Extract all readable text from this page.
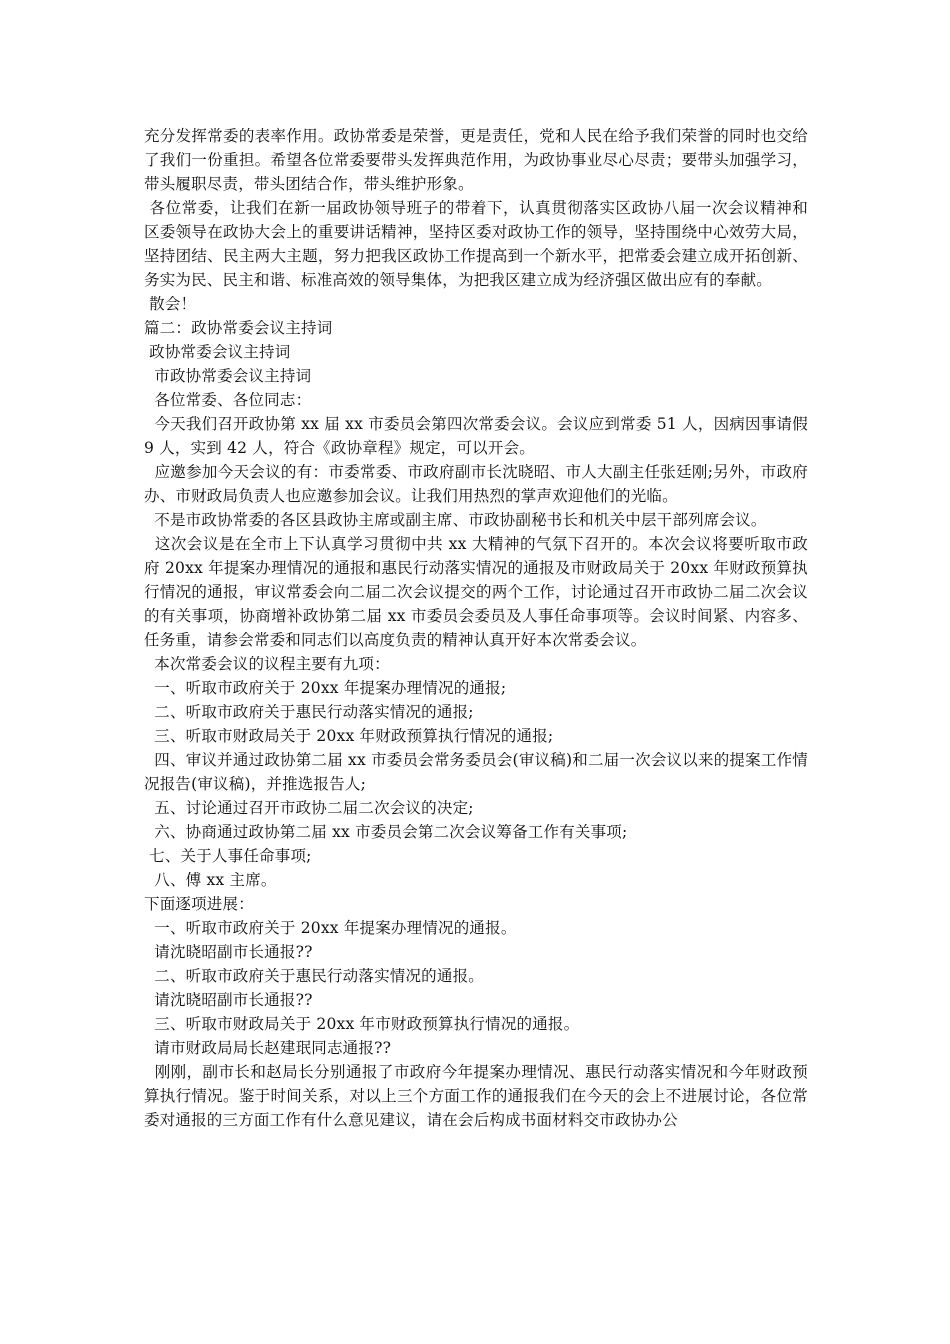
充分发挥常委的表率作用。政协常委是荣誉，更是责任，党和人民在给予我们荣誉的同时也交给了我们一份重担。希望各位常委要带头发挥典范作用，为政协事业尽心尽责；要带头加强学习，带头履职尽责，带头团结合作，带头维护形象。

各位常委，让我们在新一届政协领导班子的带着下，认真贯彻落实区政协八届一次会议精神和区委领导在政协大会上的重要讲话精神，坚持区委对政协工作的领导，坚持围绕中心效劳大局，坚持团结、民主两大主题，努力把我区政协工作提高到一个新水平，把常委会建立成开拓创新、务实为民、民主和谐、标准高效的领导集体，为把我区建立成为经济强区做出应有的奉献。

散会！

篇二：政协常委会议主持词

政协常委会议主持词

市政协常委会议主持词

各位常委、各位同志：

今天我们召开政协第 xx 届 xx 市委员会第四次常委会议。会议应到常委 51 人，因病因事请假 9 人，实到 42 人，符合《政协章程》规定，可以开会。

应邀参加今天会议的有：市委常委、市政府副市长沈晓昭、市人大副主任张廷刚;另外，市政府办、市财政局负责人也应邀参加会议。让我们用热烈的掌声欢迎他们的光临。

不是市政协常委的各区县政协主席或副主席、市政协副秘书长和机关中层干部列席会议。

这次会议是在全市上下认真学习贯彻中共 xx 大精神的气氛下召开的。本次会议将要听取市政府 20xx 年提案办理情况的通报和惠民行动落实情况的通报及市财政局关于 20xx 年财政预算执行情况的通报，审议常委会向二届二次会议提交的两个工作，讨论通过召开市政协二届二次会议的有关事项，协商增补政协第二届 xx 市委员会委员及人事任命事项等。会议时间紧、内容多、任务重，请参会常委和同志们以高度负责的精神认真开好本次常委会议。

本次常委会议的议程主要有九项：

一、听取市政府关于 20xx 年提案办理情况的通报;

二、听取市政府关于惠民行动落实情况的通报;

三、听取市财政局关于 20xx 年财政预算执行情况的通报;

四、审议并通过政协第二届 xx 市委员会常务委员会(审议稿)和二届一次会议以来的提案工作情况报告(审议稿)，并推选报告人;

五、讨论通过召开市政协二届二次会议的决定;

六、协商通过政协第二届 xx 市委员会第二次会议筹备工作有关事项;

七、关于人事任命事项;

八、傅 xx 主席。

下面逐项进展：

一、听取市政府关于 20xx 年提案办理情况的通报。

请沈晓昭副市长通报??

二、听取市政府关于惠民行动落实情况的通报。

请沈晓昭副市长通报??

三、听取市财政局关于 20xx 年市财政预算执行情况的通报。

请市财政局局长赵建珉同志通报??

刚刚，副市长和赵局长分别通报了市政府今年提案办理情况、惠民行动落实情况和今年财政预算执行情况。鉴于时间关系，对以上三个方面工作的通报我们在今天的会上不进展讨论，各位常委对通报的三方面工作有什么意见建议，请在会后构成书面材料交市政协办公
